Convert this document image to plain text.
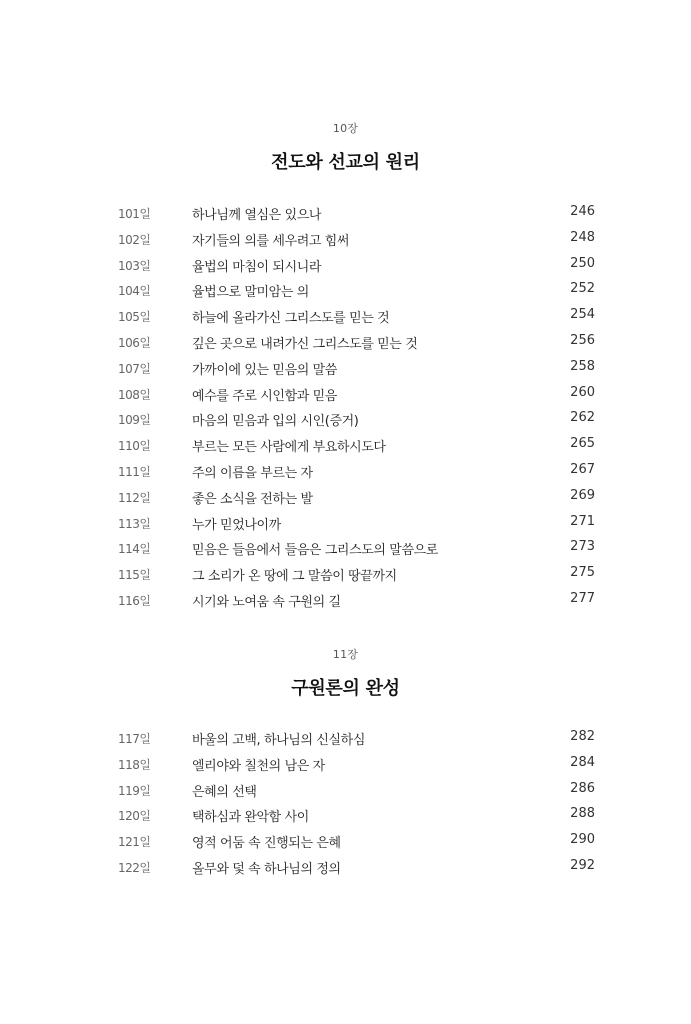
10장
전도와 선교의 원리
101일	하나님께 열심은 있으나	246
102일	자기들의 의를 세우려고 힘써	248
103일	율법의 마침이 되시니라	250
104일	율법으로 말미암는 의	252
105일	하늘에 올라가신 그리스도를 믿는 것	254
106일	깊은 곳으로 내려가신 그리스도를 믿는 것	256
107일	가까이에 있는 믿음의 말씀	258
108일	예수를 주로 시인함과 믿음	260
109일	마음의 믿음과 입의 시인(증거)	262
110일	부르는 모든 사람에게 부요하시도다	265
111일	주의 이름을 부르는 자	267
112일	좋은 소식을 전하는 발	269
113일	누가 믿었나이까	271
114일	믿음은 들음에서 들음은 그리스도의 말씀으로	273
115일	그 소리가 온 땅에 그 말씀이 땅끝까지	275
116일	시기와 노여움 속 구원의 길	277
11장
구원론의 완성
117일	바울의 고백, 하나님의 신실하심	282
118일	엘리야와 칠천의 남은 자	284
119일	은혜의 선택	286
120일	택하심과 완악함 사이	288
121일	영적 어둠 속 진행되는 은혜	290
122일	올무와 덫 속 하나님의 정의	292
